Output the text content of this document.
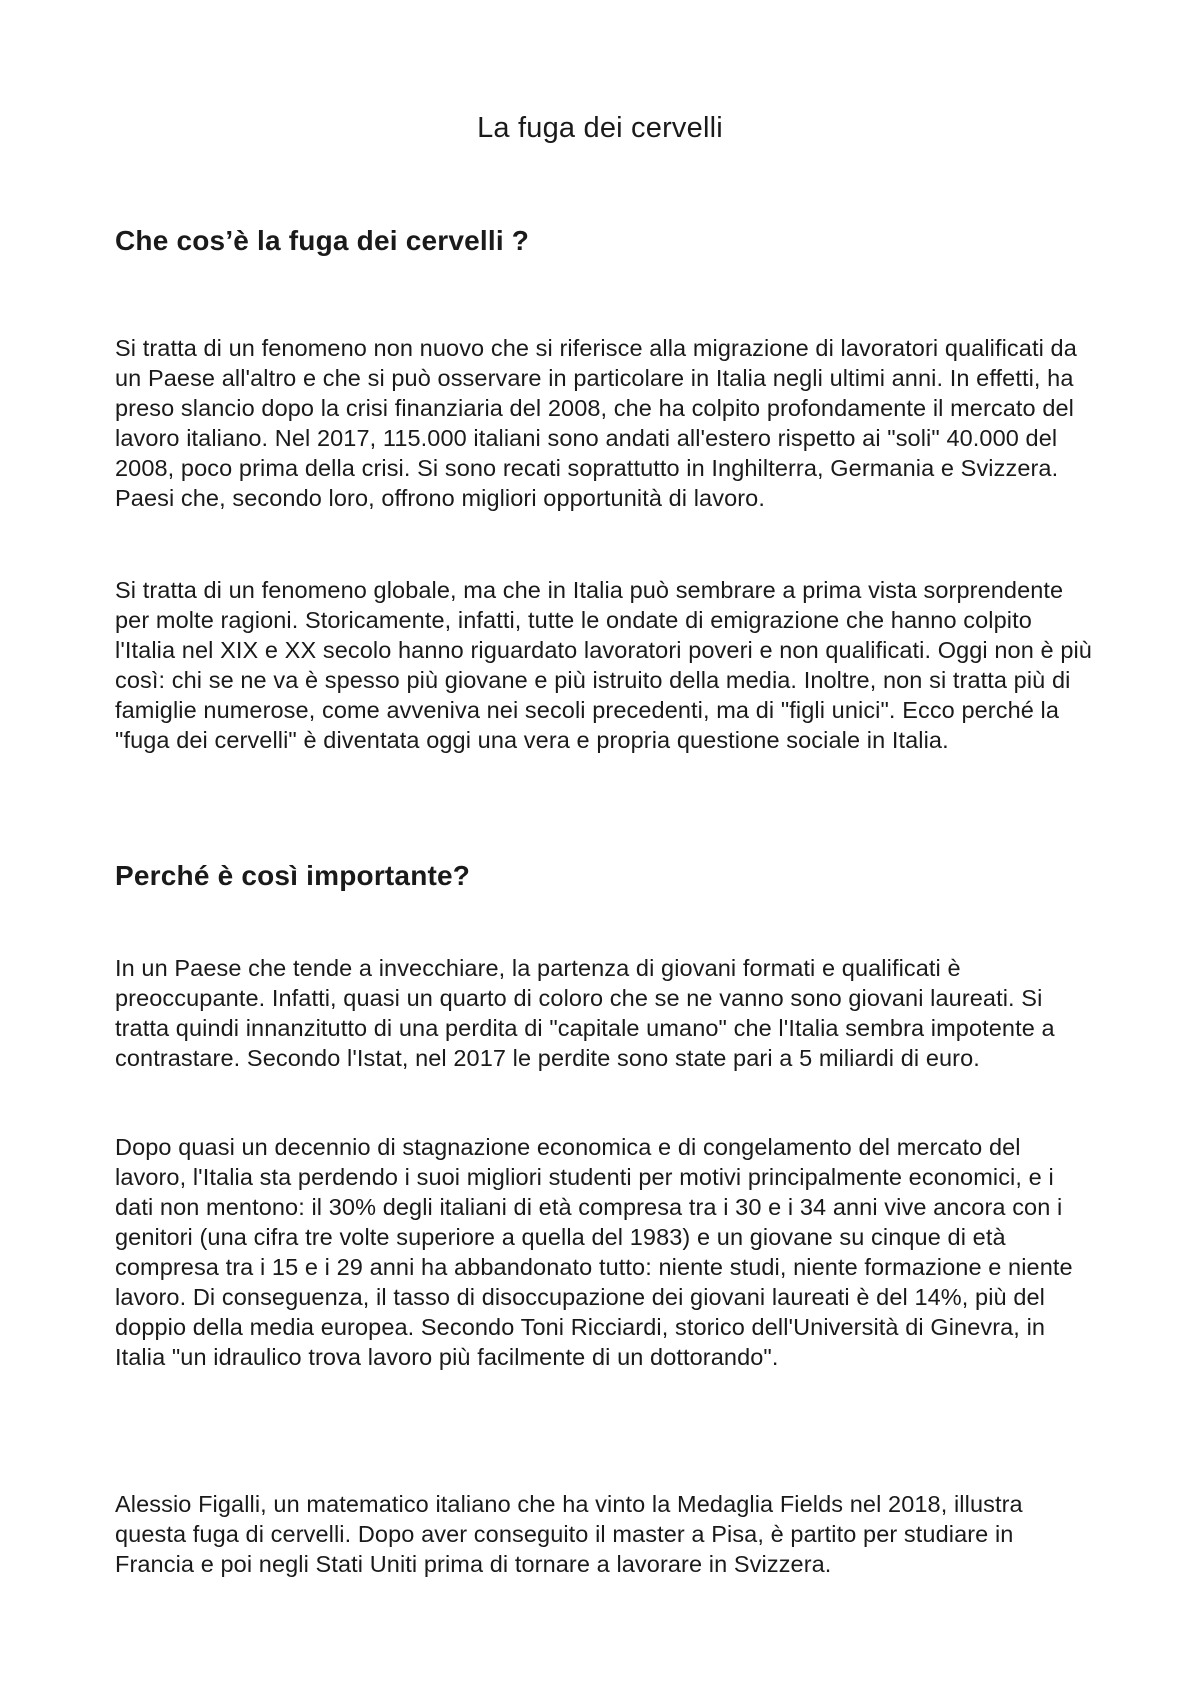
La fuga dei cervelli
Che cos’è la fuga dei cervelli ?

Si tratta di un fenomeno non nuovo che si riferisce alla migrazione di lavoratori qualificati da un Paese all'altro e che si può osservare in particolare in Italia negli ultimi anni. In effetti, ha preso slancio dopo la crisi finanziaria del 2008, che ha colpito profondamente il mercato del lavoro italiano. Nel 2017, 115.000 italiani sono andati all'estero rispetto ai "soli" 40.000 del 2008, poco prima della crisi. Si sono recati soprattutto in Inghilterra, Germania e Svizzera. Paesi che, secondo loro, offrono migliori opportunità di lavoro.

Si tratta di un fenomeno globale, ma che in Italia può sembrare a prima vista sorprendente per molte ragioni. Storicamente, infatti, tutte le ondate di emigrazione che hanno colpito l'Italia nel XIX e XX secolo hanno riguardato lavoratori poveri e non qualificati. Oggi non è più così: chi se ne va è spesso più giovane e più istruito della media. Inoltre, non si tratta più di famiglie numerose, come avveniva nei secoli precedenti, ma di "figli unici". Ecco perché la "fuga dei cervelli" è diventata oggi una vera e propria questione sociale in Italia.

Perché è così importante?

In un Paese che tende a invecchiare, la partenza di giovani formati e qualificati è preoccupante. Infatti, quasi un quarto di coloro che se ne vanno sono giovani laureati. Si tratta quindi innanzitutto di una perdita di "capitale umano" che l'Italia sembra impotente a contrastare. Secondo l'Istat, nel 2017 le perdite sono state pari a 5 miliardi di euro.

Dopo quasi un decennio di stagnazione economica e di congelamento del mercato del lavoro, l'Italia sta perdendo i suoi migliori studenti per motivi principalmente economici, e i dati non mentono: il 30% degli italiani di età compresa tra i 30 e i 34 anni vive ancora con i genitori (una cifra tre volte superiore a quella del 1983) e un giovane su cinque di età compresa tra i 15 e i 29 anni ha abbandonato tutto: niente studi, niente formazione e niente lavoro. Di conseguenza, il tasso di disoccupazione dei giovani laureati è del 14%, più del doppio della media europea. Secondo Toni Ricciardi, storico dell'Università di Ginevra, in Italia "un idraulico trova lavoro più facilmente di un dottorando".

Alessio Figalli, un matematico italiano che ha vinto la Medaglia Fields nel 2018, illustra questa fuga di cervelli. Dopo aver conseguito il master a Pisa, è partito per studiare in Francia e poi negli Stati Uniti prima di tornare a lavorare in Svizzera.
